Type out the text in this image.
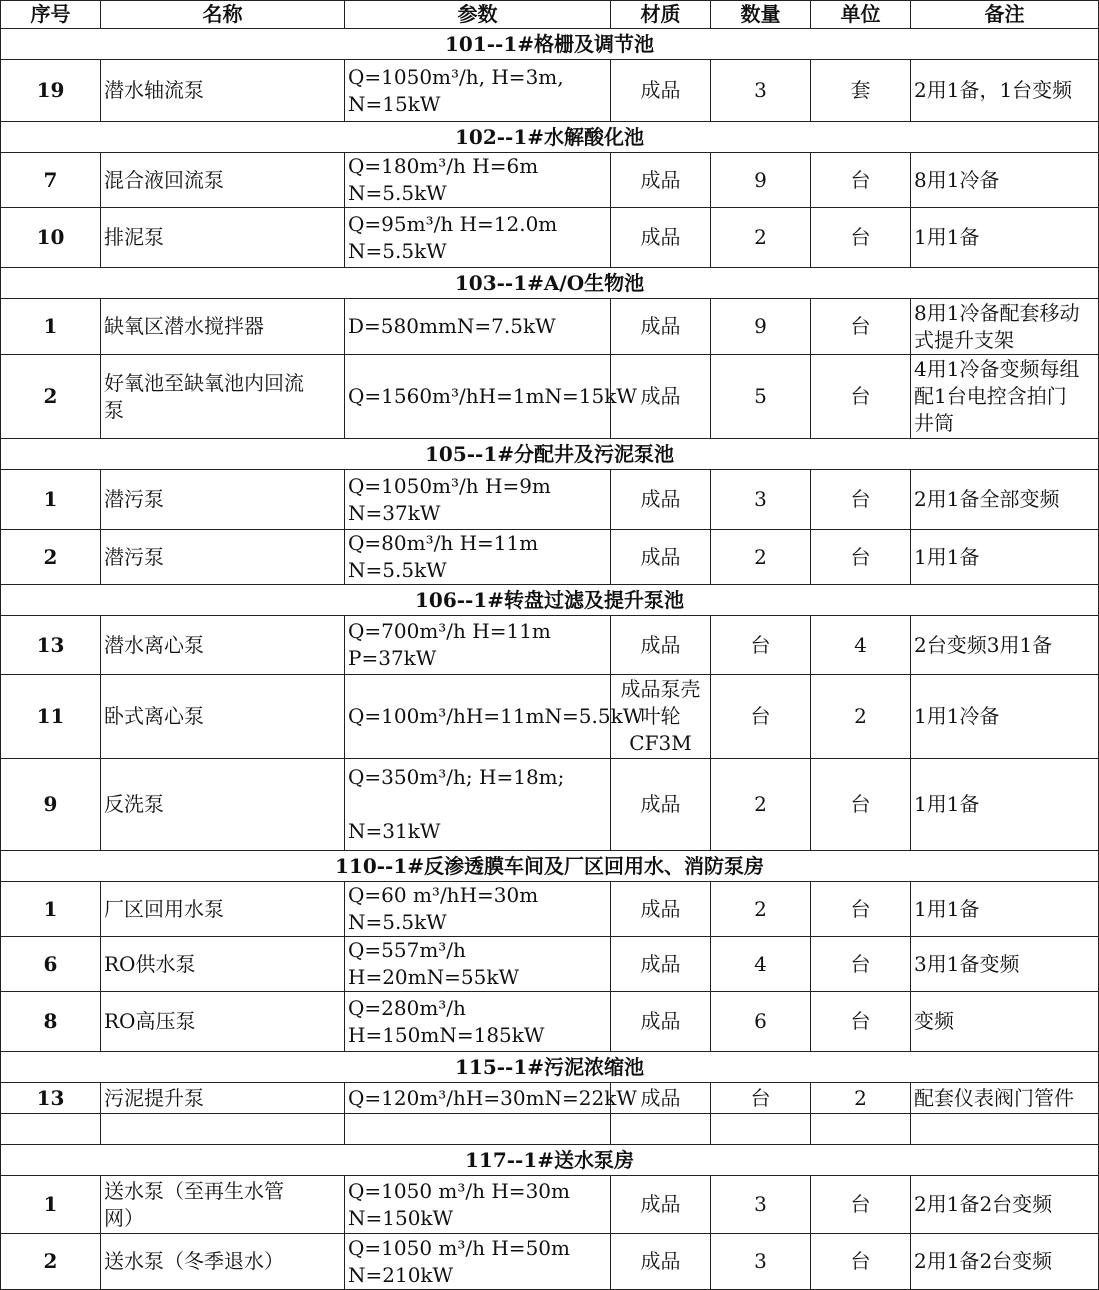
序号	名称	参数	材质	数量	单位	备注
101--1#格栅及调节池						
19	潜水轴流泵	Q=1050m³/h, H=3m,
N=15kW	成品	3	套	2用1备，1台变频
102--1#水解酸化池						
7	混合液回流泵	Q=180m³/h H=6m N=5.5kW	成品	9	台	8用1冷备
10	排泥泵	Q=95m³/h H=12.0m
N=5.5kW	成品	2	台	1用1备
103--1#A/O生物池						
1	缺氧区潜水搅拌器	D=580mmN=7.5kW	成品	9	台	8用1冷备配套移动
式提升支架

2	好氧池至缺氧池内回流
泵	Q=1560m³/hH=1mN=15kW	成品	5	台	4用1冷备变频每组
配1台电控含拍门
井筒

105--1#分配井及污泥泵池						
1	潜污泵	Q=1050m³/h H=9m
N=37kW	成品	3	台	2用1备全部变频
2	潜污泵	Q=80m³/h H=11m N=5.5kW	成品	2	台	1用1备
106--1#转盘过滤及提升泵池						
13	潜水离心泵	Q=700m³/h H=11m
P=37kW	成品	台	4	2台变频3用1备
11	卧式离心泵	Q=100m³/hH=11mN=5.5kW	成品泵壳
叶轮
CF3M	台	2	1用1冷备
9	反洗泵	Q=350m³/h; H=18m;

N=31kW	成品	2	台	1用1备
110--1#反渗透膜车间及厂区回用水、消防泵房						
1	厂区回用水泵	Q=60 m³/hH=30m N=5.5kW	成品	2	台	1用1备
6	RO供水泵	Q=557m³/h H=20mN=55kW	成品	4	台	3用1备变频
8	RO高压泵	Q=280m³/h
H=150mN=185kW	成品	6	台	变频
115--1#污泥浓缩池						
13	污泥提升泵	Q=120m³/hH=30mN=22kW	成品	台	2	配套仪表阀门管件

117--1#送水泵房						
1	送水泵（至再生水管
网）	Q=1050 m³/h H=30m
N=150kW	成品	3	台	2用1备2台变频
2	送水泵（冬季退水）	Q=1050 m³/h H=50m
N=210kW	成品	3	台	2用1备2台变频
